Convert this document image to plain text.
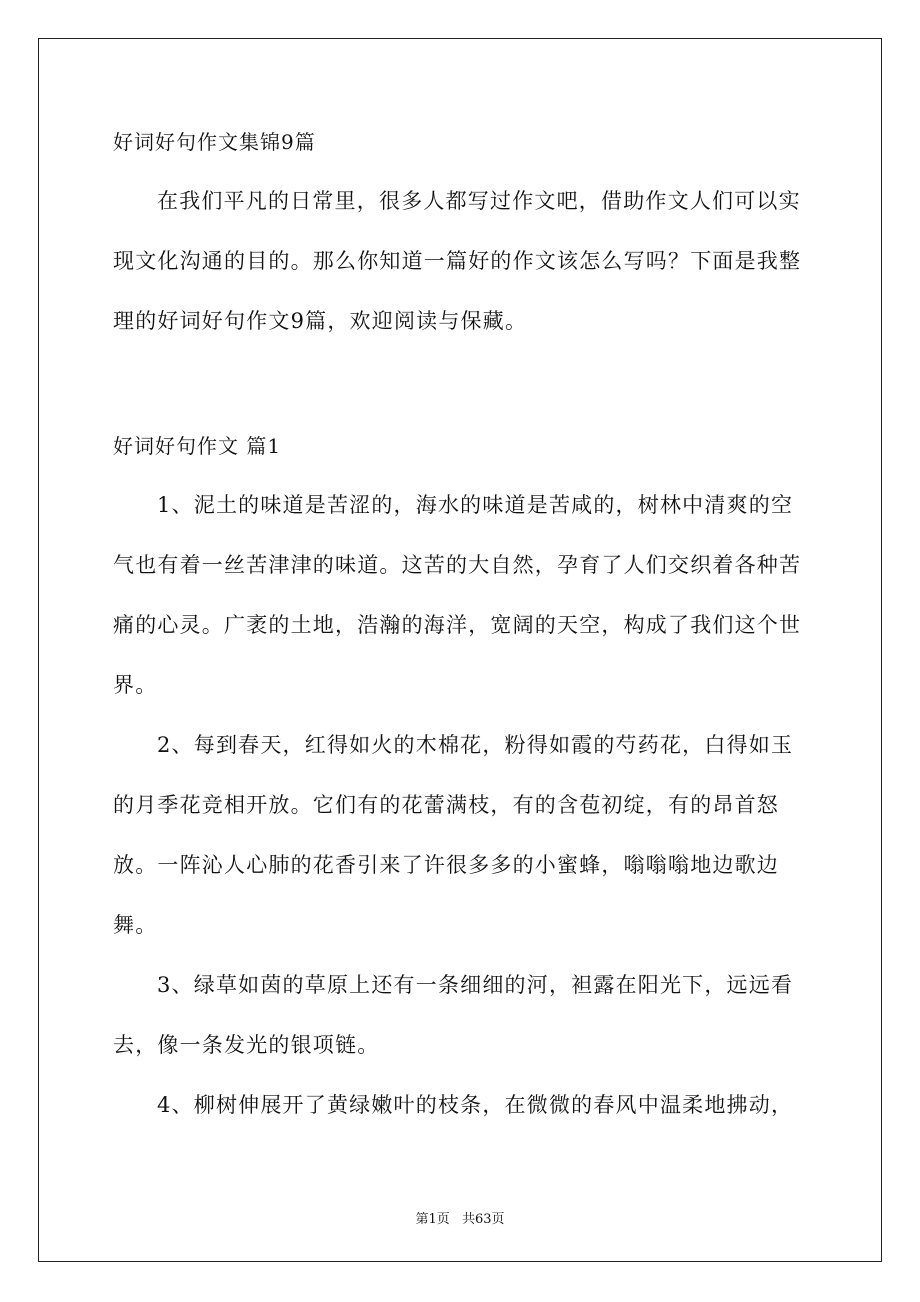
好词好句作文集锦9篇
在我们平凡的日常里，很多人都写过作文吧，借助作文人们可以实现文化沟通的目的。那么你知道一篇好的作文该怎么写吗？下面是我整理的好词好句作文9篇，欢迎阅读与保藏。
好词好句作文 篇1
1、泥土的味道是苦涩的，海水的味道是苦咸的，树林中清爽的空气也有着一丝苦津津的味道。这苦的大自然，孕育了人们交织着各种苦痛的心灵。广袤的土地，浩瀚的海洋，宽阔的天空，构成了我们这个世界。
2、每到春天，红得如火的木棉花，粉得如霞的芍药花，白得如玉的月季花竞相开放。它们有的花蕾满枝，有的含苞初绽，有的昂首怒放。一阵沁人心肺的花香引来了许很多多的小蜜蜂，嗡嗡嗡地边歌边舞。
3、绿草如茵的草原上还有一条细细的河，袒露在阳光下，远远看去，像一条发光的银项链。
4、柳树伸展开了黄绿嫩叶的枝条，在微微的春风中温柔地拂动，
第1页 共63页
